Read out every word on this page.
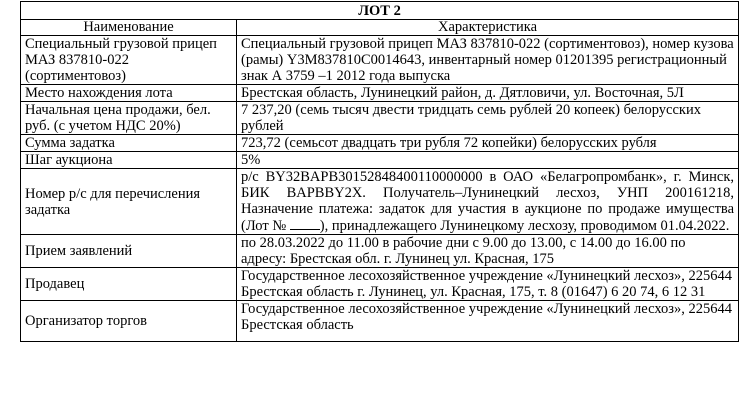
ЛОТ 2	
Наименование	Характеристика
Специальный грузовой прицеп МАЗ 837810-022 (сортиментовоз)	Специальный грузовой прицеп МАЗ 837810-022 (сортиментовоз), номер кузова (рамы) Y3M837810C0014643, инвентарный номер 01201395 регистрационный знак А 3759 –1 2012 года выпуска
Место нахождения лота	Брестская область, Лунинецкий район, д. Дятловичи, ул. Восточная, 5Л
Начальная цена продажи, бел. руб. (с учетом НДС 20%)	7 237,20 (семь тысяч двести тридцать семь рублей 20 копеек) белорусских рублей
Сумма задатка	723,72 (семьсот двадцать три рубля 72 копейки) белорусских рубля
Шаг аукциона	5%
Номер р/с для перечисления задатка	р/с BY32BAPB30152848400110000000 в ОАО «Белагропромбанк», г. Минск, БИК BAPBBY2X. Получатель–Лунинецкий лесхоз, УНП 200161218, Назначение платежа: задаток для участия в аукционе по продаже имущества (Лот № ), принадлежащего Лунинецкому лесхозу, проводимом 01.04.2022.
Прием заявлений	по 28.03.2022 до 11.00 в рабочие дни с 9.00 до 13.00, с 14.00 до 16.00 по адресу: Брестская обл. г. Лунинец ул. Красная, 175
Продавец	Государственное лесохозяйственное учреждение «Лунинецкий лесхоз», 225644 Брестская область г. Лунинец, ул. Красная, 175, т. 8 (01647) 6 20 74, 6 12 31
Организатор торгов	Государственное лесохозяйственное учреждение «Лунинецкий лесхоз», 225644 Брестская область
